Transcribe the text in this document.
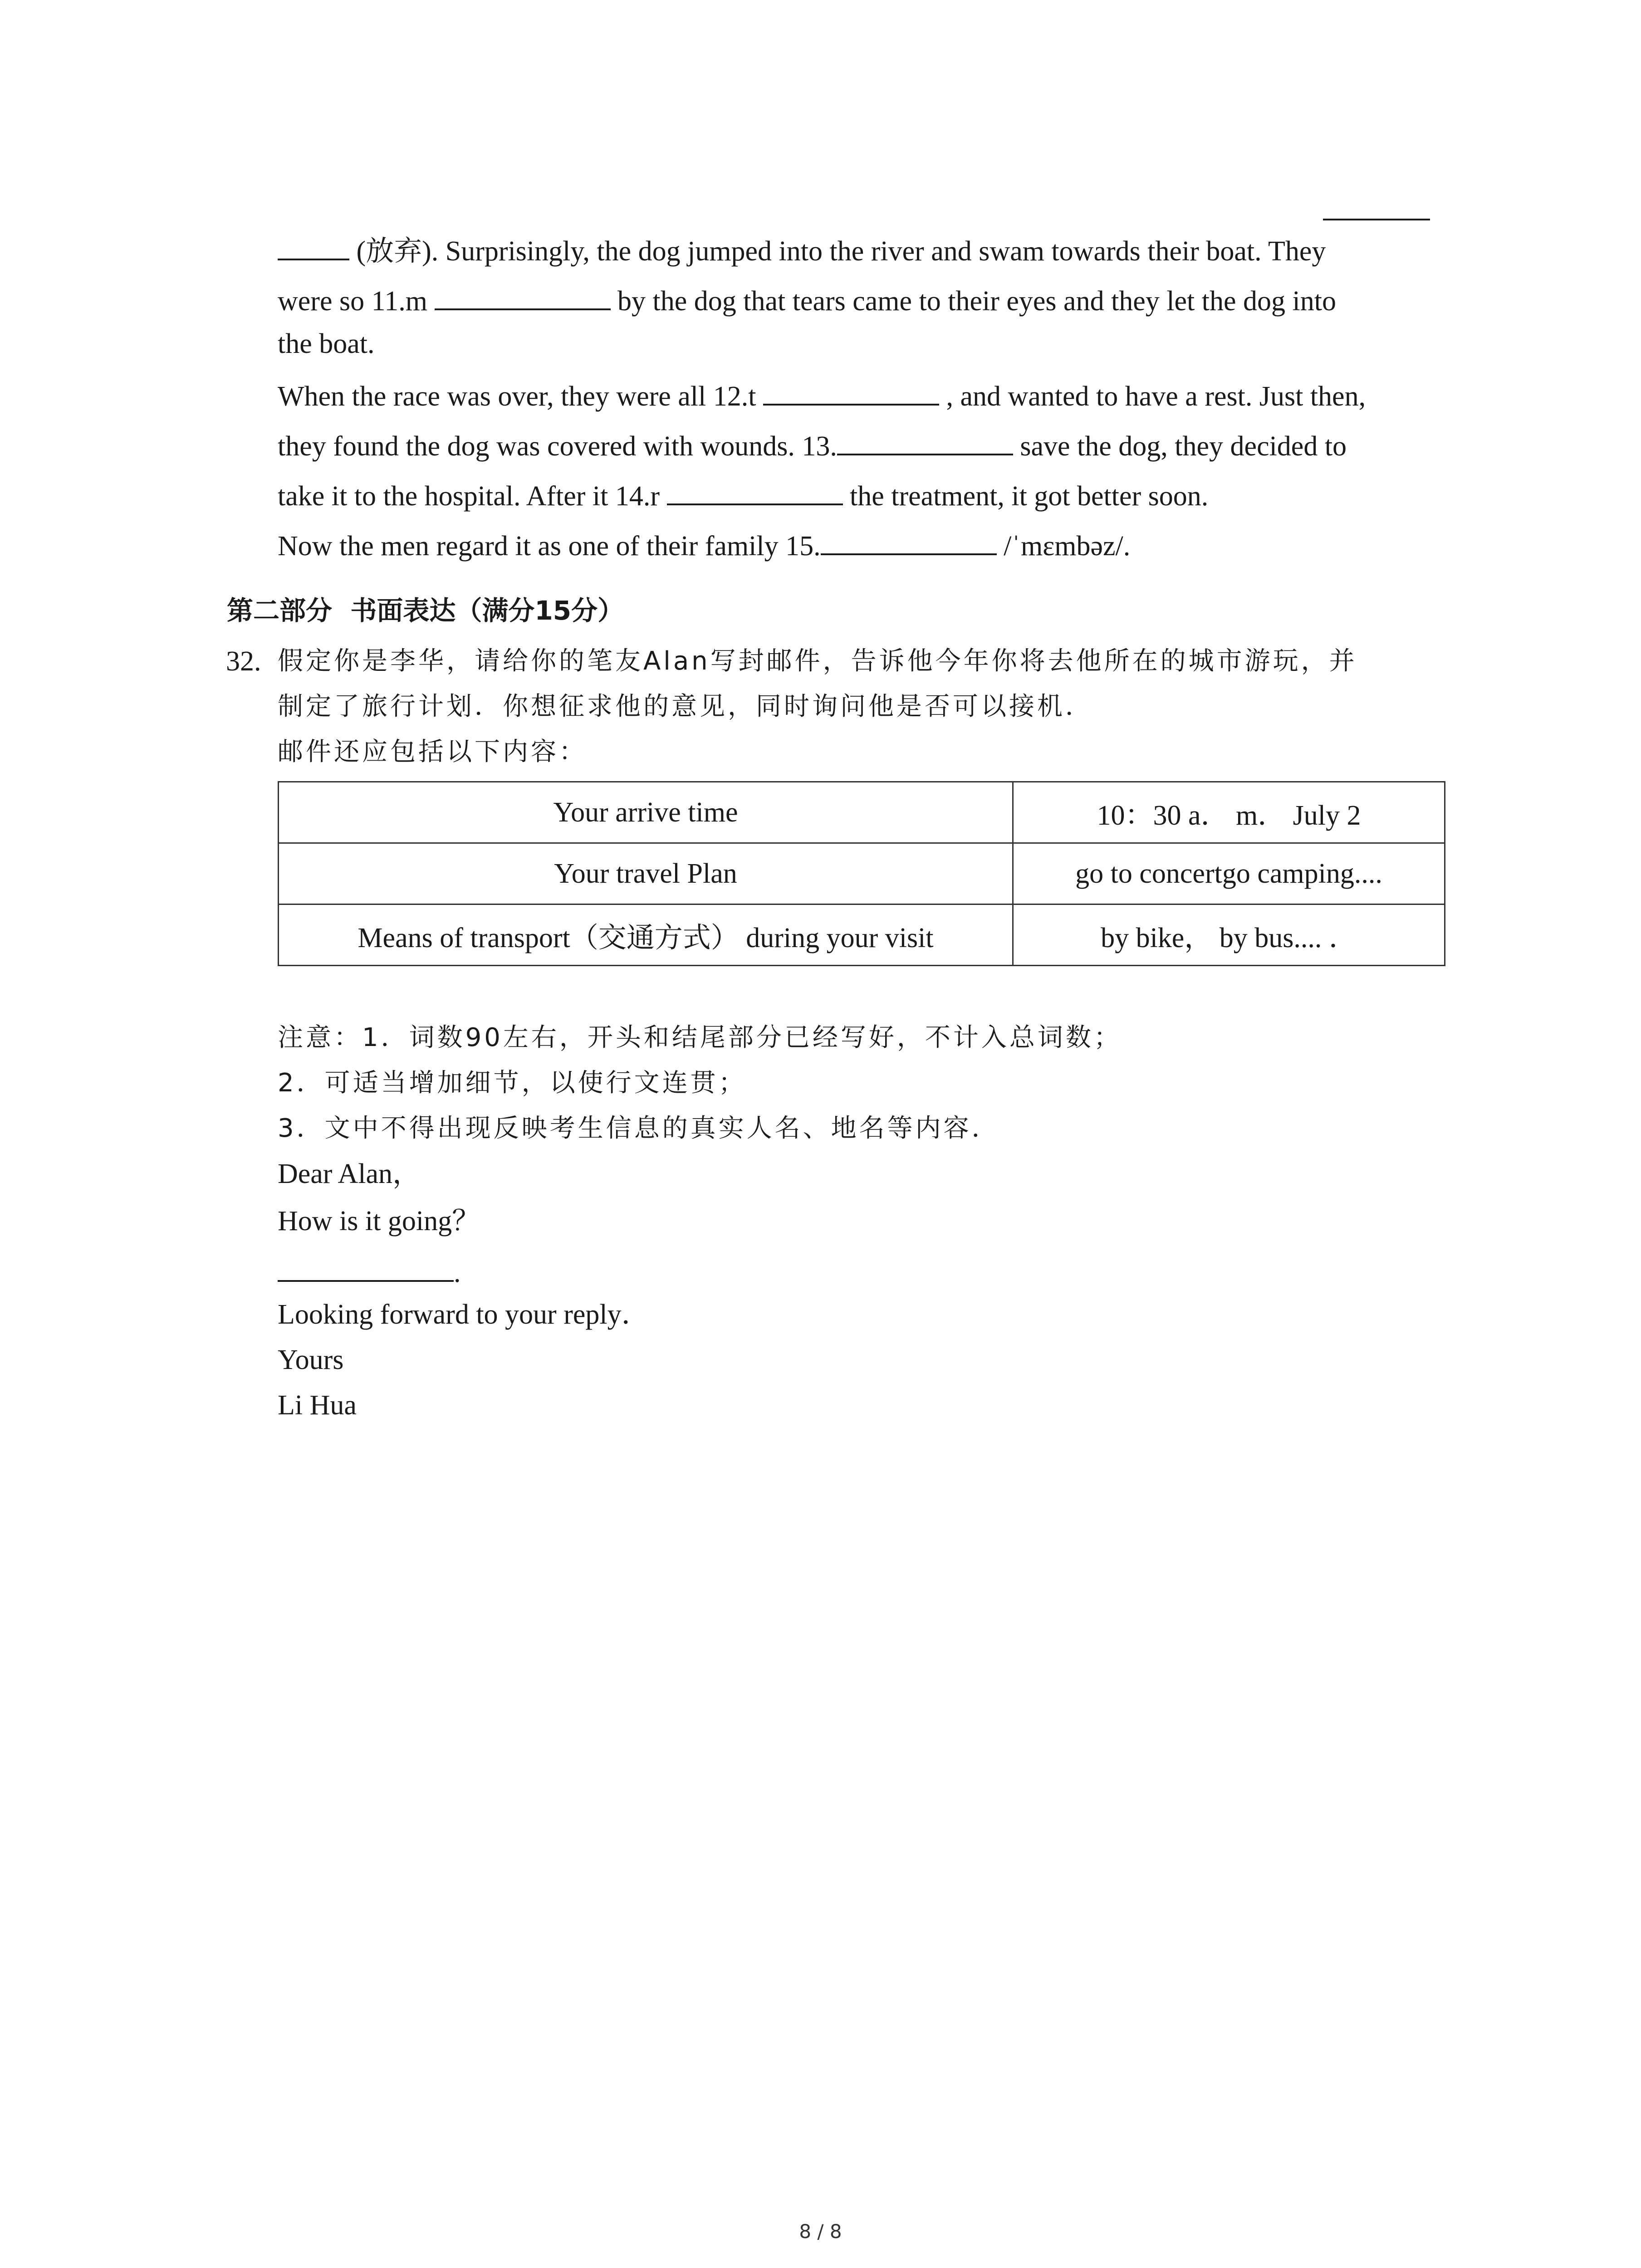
(放弃). Surprisingly, the dog jumped into the river and swam towards their boat. They
were so 11.m	by the dog that tears came to their eyes and they let the dog into
the boat.
When the race was over, they were all 12.t	, and wanted to have a rest. Just then,
they found the dog was covered with wounds. 13.	save the dog, they decided to
take it to the hospital. After it 14.r	the treatment, it got better soon.
Now the men regard it as one of their family 15.	/ˈmɛmbəz/.
第二部分  书面表达（满分15分）
32. 假定你是李华，请给你的笔友Alan写封邮件，告诉他今年你将去他所在的城市游玩，并
制定了旅行计划．你想征求他的意见，同时询问他是否可以接机．
邮件还应包括以下内容：
Your arrive time	10：30 a． m． July 2
Your travel Plan	go to concertgo camping....
Means of transport（交通方式） during your visit	by bike， by bus.... ．
注意：1．词数90左右，开头和结尾部分已经写好，不计入总词数；
2．可适当增加细节，以使行文连贯；
3．文中不得出现反映考生信息的真实人名、地名等内容．
Dear Alan，
How is it going？
.
Looking forward to your reply．
Yours
Li Hua
8 / 8
